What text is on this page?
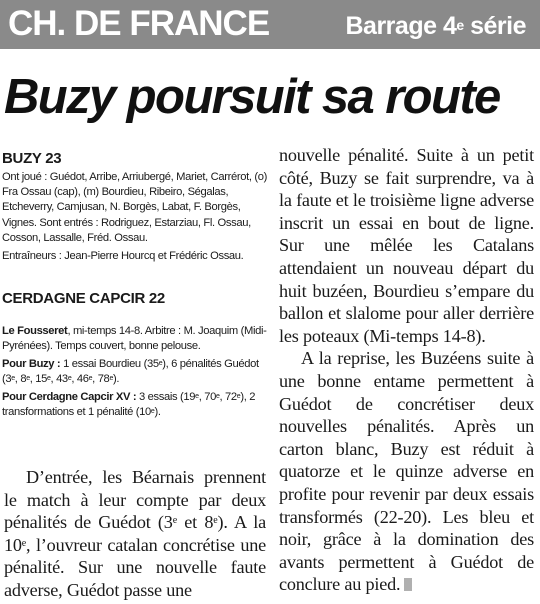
CH. DE FRANCE	Barrage 4e série
Buzy poursuit sa route
BUZY 23
Ont joué : Guédot, Arribe, Arriubergé, Mariet, Carrérot, (o) Fra Ossau (cap), (m) Bourdieu, Ribeiro, Ségalas, Etcheverry, Camjusan, N. Borgès, Labat, F. Borgès, Vignes. Sont entrés : Rodriguez, Estarziau, Fl. Ossau, Cosson, Lassalle, Fréd. Ossau.
Entraîneurs : Jean-Pierre Hourcq et Frédéric Ossau.
CERDAGNE CAPCIR 22
Le Fousseret, mi-temps 14-8. Arbitre : M. Joaquim (Midi-Pyrénées). Temps couvert, bonne pelouse.
Pour Buzy : 1 essai Bourdieu (35e), 6 pénalités Guédot (3e, 8e, 15e, 43e, 46e, 78e).
Pour Cerdagne Capcir XV : 3 essais (19e, 70e, 72e), 2 transformations et 1 pénalité (10e).
D’entrée, les Béarnais prennent le match à leur compte par deux pénalités de Guédot (3e et 8e). A la 10e, l’ouvreur catalan concrétise une pénalité. Sur une nouvelle faute adverse, Guédot passe une
nouvelle pénalité. Suite à un petit côté, Buzy se fait surprendre, va à la faute et le troisième ligne adverse inscrit un essai en bout de ligne. Sur une mêlée les Catalans attendaient un nouveau départ du huit buzéen, Bourdieu s’empare du ballon et slalome pour aller derrière les poteaux (Mi-temps 14-8).
A la reprise, les Buzéens suite à une bonne entame permettent à Guédot de concrétiser deux nouvelles pénalités. Après un carton blanc, Buzy est réduit à quatorze et le quinze adverse en profite pour revenir par deux essais transformés (22-20). Les bleu et noir, grâce à la domination des avants permettent à Guédot de conclure au pied.
